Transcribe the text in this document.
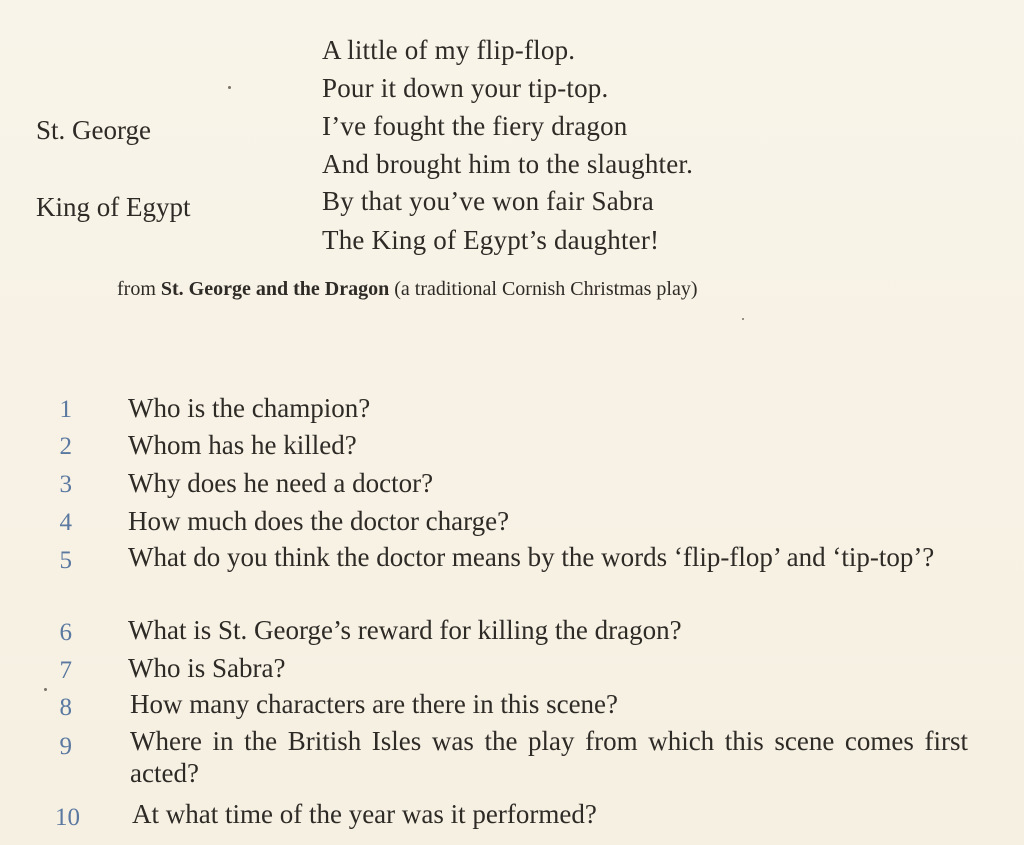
A little of my flip-flop.
Pour it down your tip-top.
St. George	I’ve fought the fiery dragon
And brought him to the slaughter.
King of Egypt	By that you’ve won fair Sabra
The King of Egypt’s daughter!
from St. George and the Dragon (a traditional Cornish Christmas play)
1 Who is the champion?
2 Whom has he killed?
3 Why does he need a doctor?
4 How much does the doctor charge?
5 What do you think the doctor means by the words ‘flip-flop’ and ‘tip-top’?
6 What is St. George’s reward for killing the dragon?
7 Who is Sabra?
8 How many characters are there in this scene?
9 Where in the British Isles was the play from which this scene comes first acted?
10 At what time of the year was it performed?
